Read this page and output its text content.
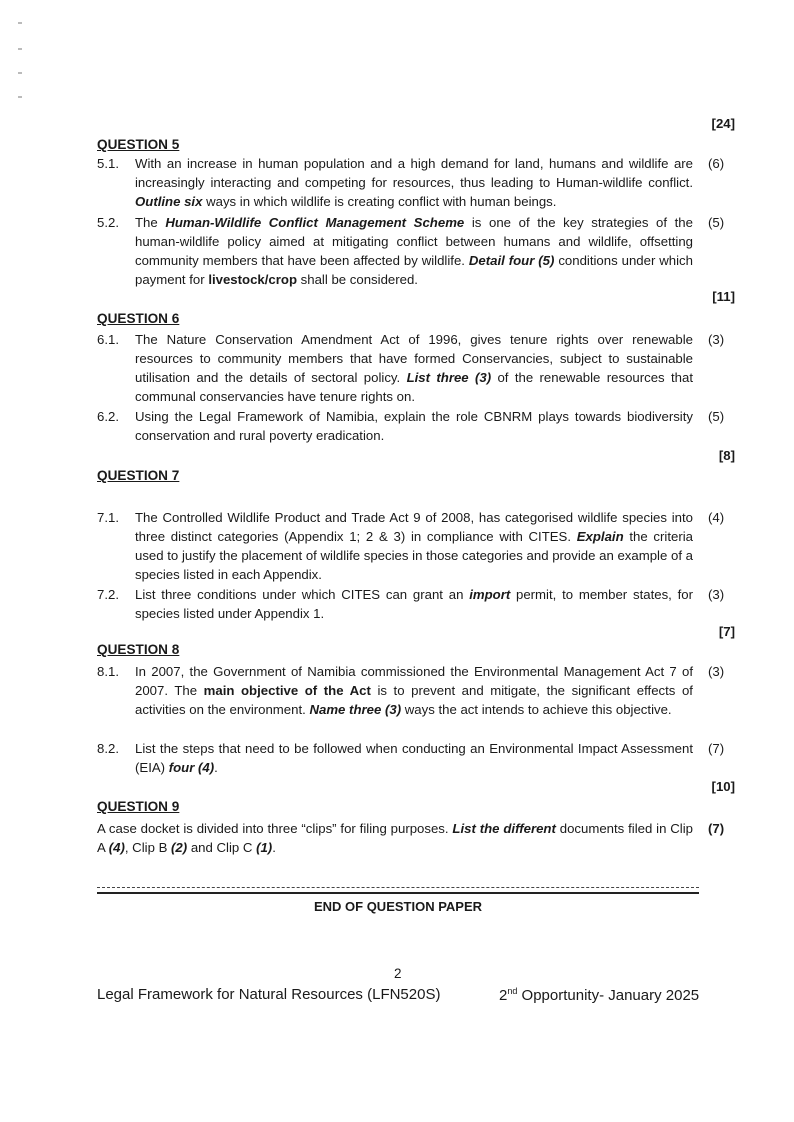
[24]
[11]
[8]
[7]
[10]
QUESTION 5
5.1. With an increase in human population and a high demand for land, humans and wildlife are increasingly interacting and competing for resources, thus leading to Human-wildlife conflict. Outline six ways in which wildlife is creating conflict with human beings.
(6)
5.2. The Human-Wildlife Conflict Management Scheme is one of the key strategies of the human-wildlife policy aimed at mitigating conflict between humans and wildlife, offsetting community members that have been affected by wildlife. Detail four (5) conditions under which payment for livestock/crop shall be considered.
(5)
QUESTION 6
6.1. The Nature Conservation Amendment Act of 1996, gives tenure rights over renewable resources to community members that have formed Conservancies, subject to sustainable utilisation and the details of sectoral policy. List three (3) of the renewable resources that communal conservancies have tenure rights on.
(3)
6.2. Using the Legal Framework of Namibia, explain the role CBNRM plays towards biodiversity conservation and rural poverty eradication.
(5)
QUESTION 7
7.1. The Controlled Wildlife Product and Trade Act 9 of 2008, has categorised wildlife species into three distinct categories (Appendix 1; 2 & 3) in compliance with CITES. Explain the criteria used to justify the placement of wildlife species in those categories and provide an example of a species listed in each Appendix.
(4)
7.2. List three conditions under which CITES can grant an import permit, to member states, for species listed under Appendix 1.
(3)
QUESTION 8
8.1. In 2007, the Government of Namibia commissioned the Environmental Management Act 7 of 2007. The main objective of the Act is to prevent and mitigate, the significant effects of activities on the environment. Name three (3) ways the act intends to achieve this objective.
(3)
8.2. List the steps that need to be followed when conducting an Environmental Impact Assessment (EIA) four (4).
(7)
QUESTION 9
A case docket is divided into three “clips” for filing purposes. List the different documents filed in Clip A (4), Clip B (2) and Clip C (1).
(7)
END OF QUESTION PAPER
2
Legal Framework for Natural Resources (LFN520S)	2nd Opportunity- January 2025
